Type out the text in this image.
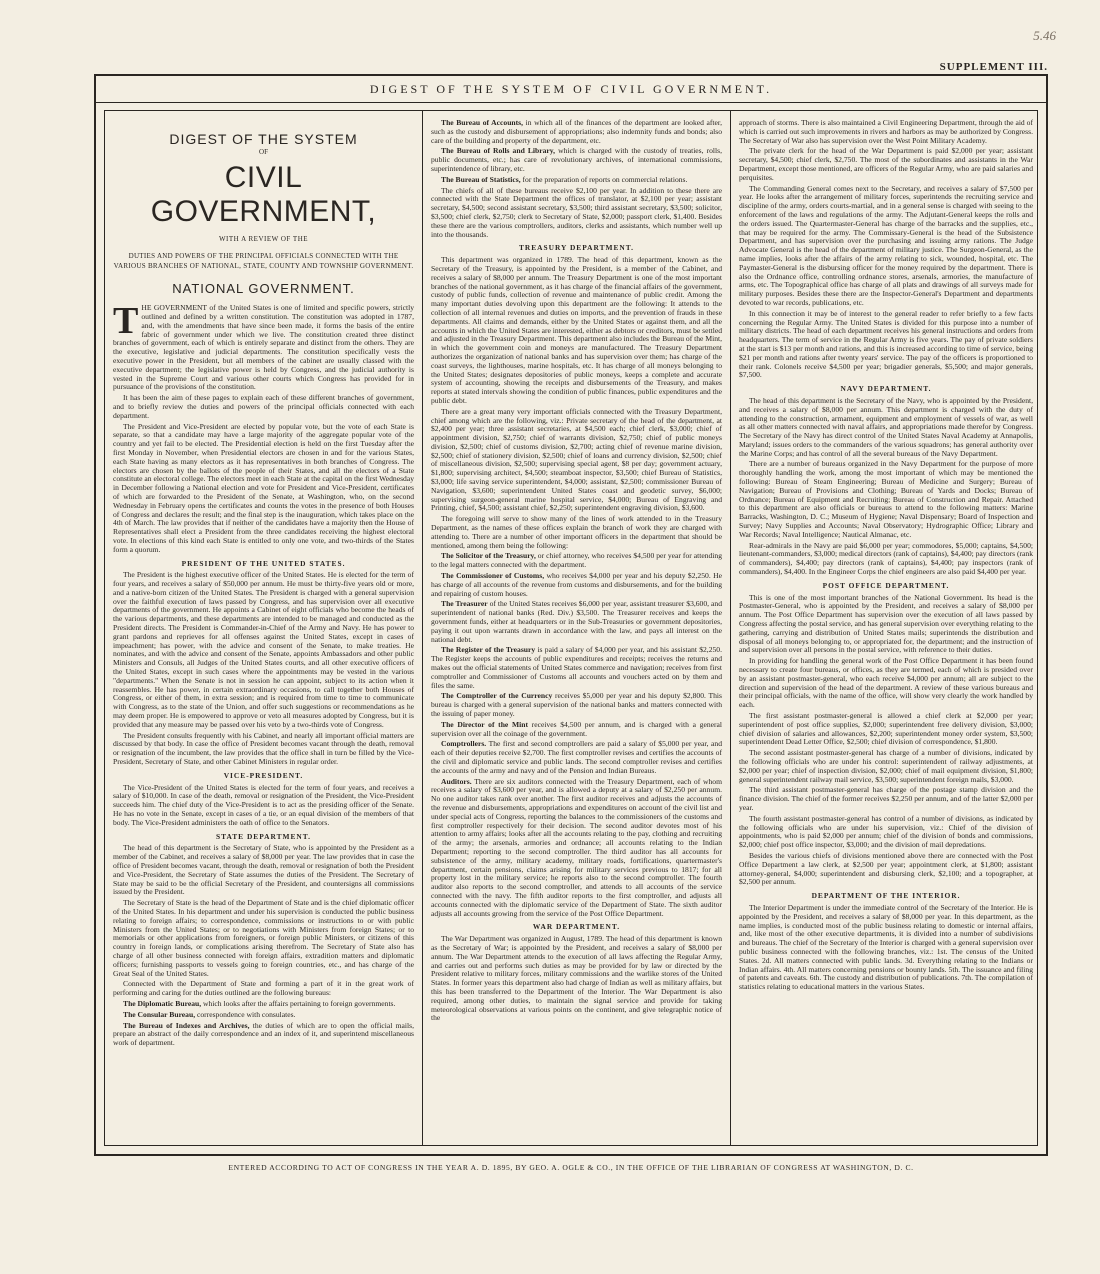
5.46
SUPPLEMENT III.
DIGEST OF THE SYSTEM OF CIVIL GOVERNMENT.
DIGEST OF THE SYSTEM
OF
CIVIL GOVERNMENT,
WITH A REVIEW OF THE
DUTIES AND POWERS OF THE PRINCIPAL OFFICIALS CONNECTED WITH THE VARIOUS BRANCHES OF NATIONAL, STATE, COUNTY AND TOWNSHIP GOVERNMENT.
NATIONAL GOVERNMENT.

THE GOVERNMENT of the United States is one of limited and specific powers, strictly outlined and defined by a written constitution. The constitution was adopted in 1787, and, with the amendments that have since been made, it forms the basis of the entire fabric of government under which we live. The constitution created three distinct branches of government, each of which is entirely separate and distinct from the others. They are the executive, legislative and judicial departments. The constitution specifically vests the executive power in the President, but all members of the cabinet are usually classed with the executive department; the legislative power is held by Congress, and the judicial authority is vested in the Supreme Court and various other courts which Congress has provided for in pursuance of the provisions of the constitution.

It has been the aim of these pages to explain each of these different branches of government, and to briefly review the duties and powers of the principal officials connected with each department.

The President and Vice-President are elected by popular vote, but the vote of each State is separate, so that a candidate may have a large majority of the aggregate popular vote of the country and yet fail to be elected. The Presidential election is held on the first Tuesday after the first Monday in November, when Presidential electors are chosen in and for the various States, each State having as many electors as it has representatives in both branches of Congress. The electors are chosen by the ballots of the people of their States, and all the electors of a State constitute an electoral college. The electors meet in each State at the capital on the first Wednesday in December following a National election and vote for President and Vice-President, certificates of which are forwarded to the President of the Senate, at Washington, who, on the second Wednesday in February opens the certificates and counts the votes in the presence of both Houses of Congress and declares the result; and the final step is the inauguration, which takes place on the 4th of March. The law provides that if neither of the candidates have a majority then the House of Representatives shall elect a President from the three candidates receiving the highest electoral vote. In elections of this kind each State is entitled to only one vote, and two-thirds of the States form a quorum.

PRESIDENT OF THE UNITED STATES.

The President is the highest executive officer of the United States. He is elected for the term of four years, and receives a salary of $50,000 per annum. He must be thirty-five years old or more, and a native-born citizen of the United States. The President is charged with a general supervision over the faithful execution of laws passed by Congress, and has supervision over all executive departments of the government. He appoints a Cabinet of eight officials who become the heads of the various departments, and these departments are intended to be managed and conducted as the President directs. The President is Commander-in-Chief of the Army and Navy. He has power to grant pardons and reprieves for all offenses against the United States, except in cases of impeachment; has power, with the advice and consent of the Senate, to make treaties. He nominates, and with the advice and consent of the Senate, appoints Ambassadors and other public Ministers and Consuls, all Judges of the United States courts, and all other executive officers of the United States, except in such cases where the appointments may be vested in the various "departments." When the Senate is not in session he can appoint, subject to its action when it reassembles. He has power, in certain extraordinary occasions, to call together both Houses of Congress, or either of them, in extra session; and is required from time to time to communicate with Congress, as to the state of the Union, and offer such suggestions or recommendations as he may deem proper. He is empowered to approve or veto all measures adopted by Congress, but it is provided that any measure may be passed over his veto by a two-thirds vote of Congress.

The President consults frequently with his Cabinet, and nearly all important official matters are discussed by that body. In case the office of President becomes vacant through the death, removal or resignation of the incumbent, the law provides that the office shall in turn be filled by the Vice-President, Secretary of State, and other Cabinet Ministers in regular order.

VICE-PRESIDENT.

The Vice-President of the United States is elected for the term of four years, and receives a salary of $10,000. In case of the death, removal or resignation of the President, the Vice-President succeeds him. The chief duty of the Vice-President is to act as the presiding officer of the Senate. He has no vote in the Senate, except in cases of a tie, or an equal division of the members of that body. The Vice-President administers the oath of office to the Senators.

STATE DEPARTMENT.

The head of this department is the Secretary of State, who is appointed by the President as a member of the Cabinet, and receives a salary of $8,000 per year. The law provides that in case the office of President becomes vacant, through the death, removal or resignation of both the President and Vice-President, the Secretary of State assumes the duties of the President. The Secretary of State may be said to be the official Secretary of the President, and countersigns all commissions issued by the President.

The Secretary of State is the head of the Department of State and is the chief diplomatic officer of the United States. In his department and under his supervision is conducted the public business relating to foreign affairs; to correspondence, commissions or instructions to or with public Ministers from the United States; or to negotiations with Ministers from foreign States; or to memorials or other applications from foreigners, or foreign public Ministers, or citizens of this country in foreign lands, or complications arising therefrom. The Secretary of State also has charge of all other business connected with foreign affairs, extradition matters and diplomatic officers; furnishing passports to vessels going to foreign countries, etc., and has charge of the Great Seal of the United States.

Connected with the Department of State and forming a part of it in the great work of performing and caring for the duties outlined are the following bureaus:

The Diplomatic Bureau, which looks after the affairs pertaining to foreign governments.

The Consular Bureau, correspondence with consulates.

The Bureau of Indexes and Archives, the duties of which are to open the official mails, prepare an abstract of the daily correspondence and an index of it, and superintend miscellaneous work of department.

The Bureau of Accounts, in which all of the finances of the department are looked after, such as the custody and disbursement of appropriations; also indemnity funds and bonds; also care of the building and property of the department, etc.

The Bureau of Rolls and Library, which is charged with the custody of treaties, rolls, public documents, etc.; has care of revolutionary archives, of international commissions, superintendence of library, etc.

The Bureau of Statistics, for the preparation of reports on commercial relations.

The chiefs of all of these bureaus receive $2,100 per year. In addition to these there are connected with the State Department the offices of translator, at $2,100 per year; assistant secretary, $4,500; second assistant secretary, $3,500; third assistant secretary, $3,500; solicitor, $3,500; chief clerk, $2,750; clerk to Secretary of State, $2,000; passport clerk, $1,400. Besides these there are the various comptrollers, auditors, clerks and assistants, which number well up into the thousands.

TREASURY DEPARTMENT.

This department was organized in 1789. The head of this department, known as the Secretary of the Treasury, is appointed by the President, is a member of the Cabinet, and receives a salary of $8,000 per annum. The Treasury Department is one of the most important branches of the national government, as it has charge of the financial affairs of the government, custody of public funds, collection of revenue and maintenance of public credit. Among the many important duties devolving upon this department are the following: It attends to the collection of all internal revenues and duties on imports, and the prevention of frauds in these departments. All claims and demands, either by the United States or against them, and all the accounts in which the United States are interested, either as debtors or creditors, must be settled and adjusted in the Treasury Department. This department also includes the Bureau of the Mint, in which the government coin and moneys are manufactured. The Treasury Department authorizes the organization of national banks and has supervision over them; has charge of the coast surveys, the lighthouses, marine hospitals, etc. It has charge of all moneys belonging to the United States; designates depositories of public moneys, keeps a complete and accurate system of accounting, showing the receipts and disbursements of the Treasury, and makes reports at stated intervals showing the condition of public finances, public expenditures and the public debt.

There are a great many very important officials connected with the Treasury Department, chief among which are the following, viz.: Private secretary of the head of the department, at $2,400 per year; three assistant secretaries, at $4,500 each; chief clerk, $3,000; chief of appointment division, $2,750; chief of warrants division, $2,750; chief of public moneys division, $2,500; chief of customs division, $2,700; acting chief of revenue marine division, $2,500; chief of stationery division, $2,500; chief of loans and currency division, $2,500; chief of miscellaneous division, $2,500; supervising special agent, $8 per day; government actuary, $1,800; supervising architect, $4,500; steamboat inspector, $3,500; chief Bureau of Statistics, $3,000; life saving service superintendent, $4,000; assistant, $2,500; commissioner Bureau of Navigation, $3,600; superintendent United States coast and geodetic survey, $6,000; supervising surgeon-general marine hospital service, $4,000; Bureau of Engraving and Printing, chief, $4,500; assistant chief, $2,250; superintendent engraving division, $3,600.

The foregoing will serve to show many of the lines of work attended to in the Treasury Department, as the names of these offices explain the branch of work they are charged with attending to. There are a number of other important officers in the department that should be mentioned, among them being the following:

The Solicitor of the Treasury, or chief attorney, who receives $4,500 per year for attending to the legal matters connected with the department.

The Commissioner of Customs, who receives $4,000 per year and his deputy $2,250. He has charge of all accounts of the revenue from customs and disbursements, and for the building and repairing of custom houses.

The Treasurer of the United States receives $6,000 per year, assistant treasurer $3,600, and superintendent of national banks (Red. Div.) $3,500. The Treasurer receives and keeps the government funds, either at headquarters or in the Sub-Treasuries or government depositories, paying it out upon warrants drawn in accordance with the law, and pays all interest on the national debt.

The Register of the Treasury is paid a salary of $4,000 per year, and his assistant $2,250. The Register keeps the accounts of public expenditures and receipts; receives the returns and makes out the official statements of United States commerce and navigation; receives from first comptroller and Commissioner of Customs all accounts and vouchers acted on by them and files the same.

The Comptroller of the Currency receives $5,000 per year and his deputy $2,800. This bureau is charged with a general supervision of the national banks and matters connected with the issuing of paper money.

The Director of the Mint receives $4,500 per annum, and is charged with a general supervision over all the coinage of the government.

Comptrollers. The first and second comptrollers are paid a salary of $5,000 per year, and each of their deputies receive $2,700. The first comptroller revises and certifies the accounts of the civil and diplomatic service and public lands. The second comptroller revises and certifies the accounts of the army and navy and of the Pension and Indian Bureaus.

Auditors. There are six auditors connected with the Treasury Department, each of whom receives a salary of $3,600 per year, and is allowed a deputy at a salary of $2,250 per annum. No one auditor takes rank over another. The first auditor receives and adjusts the accounts of the revenue and disbursements, appropriations and expenditures on account of the civil list and under special acts of Congress, reporting the balances to the commissioners of the customs and first comptroller respectively for their decision. The second auditor devotes most of his attention to army affairs; looks after all the accounts relating to the pay, clothing and recruiting of the army; the arsenals, armories and ordnance; all accounts relating to the Indian Department; reporting to the second comptroller. The third auditor has all accounts for subsistence of the army, military academy, military roads, fortifications, quartermaster's department, certain pensions, claims arising for military services previous to 1817; for all property lost in the military service; he reports also to the second comptroller. The fourth auditor also reports to the second comptroller, and attends to all accounts of the service connected with the navy. The fifth auditor reports to the first comptroller, and adjusts all accounts connected with the diplomatic service of the Department of State. The sixth auditor adjusts all accounts growing from the service of the Post Office Department.

WAR DEPARTMENT.

The War Department was organized in August, 1789. The head of this department is known as the Secretary of War; is appointed by the President, and receives a salary of $8,000 per annum. The War Department attends to the execution of all laws affecting the Regular Army, and carries out and performs such duties as may be provided for by law or directed by the President relative to military forces, military commissions and the warlike stores of the United States. In former years this department also had charge of Indian as well as military affairs, but this has been transferred to the Department of the Interior. The War Department is also required, among other duties, to maintain the signal service and provide for taking meteorological observations at various points on the continent, and give telegraphic notice of the

approach of storms. There is also maintained a Civil Engineering Department, through the aid of which is carried out such improvements in rivers and harbors as may be authorized by Congress. The Secretary of War also has supervision over the West Point Military Academy.

The private clerk for the head of the War Department is paid $2,000 per year; assistant secretary, $4,500; chief clerk, $2,750. The most of the subordinates and assistants in the War Department, except those mentioned, are officers of the Regular Army, who are paid salaries and perquisites.

The Commanding General comes next to the Secretary, and receives a salary of $7,500 per year. He looks after the arrangement of military forces, superintends the recruiting service and discipline of the army, orders courts-martial, and in a general sense is charged with seeing to the enforcement of the laws and regulations of the army. The Adjutant-General keeps the rolls and the orders issued. The Quartermaster-General has charge of the barracks and the supplies, etc., that may be required for the army. The Commissary-General is the head of the Subsistence Department, and has supervision over the purchasing and issuing army rations. The Judge Advocate General is the head of the department of military justice. The Surgeon-General, as the name implies, looks after the affairs of the army relating to sick, wounded, hospital, etc. The Paymaster-General is the disbursing officer for the money required by the department. There is also the Ordnance office, controlling ordnance stores, arsenals, armories, the manufacture of arms, etc. The Topographical office has charge of all plats and drawings of all surveys made for military purposes. Besides these there are the Inspector-General's Department and departments devoted to war records, publications, etc.

In this connection it may be of interest to the general reader to refer briefly to a few facts concerning the Regular Army. The United States is divided for this purpose into a number of military districts. The head of each department receives his general instructions and orders from headquarters. The term of service in the Regular Army is five years. The pay of private soldiers at the start is $13 per month and rations, and this is increased according to time of service, being $21 per month and rations after twenty years' service. The pay of the officers is proportioned to their rank. Colonels receive $4,500 per year; brigadier generals, $5,500; and major generals, $7,500.

NAVY DEPARTMENT.

The head of this department is the Secretary of the Navy, who is appointed by the President, and receives a salary of $8,000 per annum. This department is charged with the duty of attending to the construction, armament, equipment and employment of vessels of war, as well as all other matters connected with naval affairs, and appropriations made therefor by Congress. The Secretary of the Navy has direct control of the United States Naval Academy at Annapolis, Maryland; issues orders to the commanders of the various squadrons; has general authority over the Marine Corps; and has control of all the several bureaus of the Navy Department.

There are a number of bureaus organized in the Navy Department for the purpose of more thoroughly handling the work, among the most important of which may be mentioned the following: Bureau of Steam Engineering; Bureau of Medicine and Surgery; Bureau of Navigation; Bureau of Provisions and Clothing; Bureau of Yards and Docks; Bureau of Ordnance; Bureau of Equipment and Recruiting; Bureau of Construction and Repair. Attached to this department are also officials or bureaus to attend to the following matters: Marine Barracks, Washington, D. C.; Museum of Hygiene; Naval Dispensary; Board of Inspection and Survey; Navy Supplies and Accounts; Naval Observatory; Hydrographic Office; Library and War Records; Naval Intelligence; Nautical Almanac, etc.

Rear-admirals in the Navy are paid $6,000 per year; commodores, $5,000; captains, $4,500; lieutenant-commanders, $3,000; medical directors (rank of captains), $4,400; pay directors (rank of commanders), $4,400; pay directors (rank of captains), $4,400; pay inspectors (rank of commanders), $4,400. In the Engineer Corps the chief engineers are also paid $4,400 per year.

POST OFFICE DEPARTMENT.

This is one of the most important branches of the National Government. Its head is the Postmaster-General, who is appointed by the President, and receives a salary of $8,000 per annum. The Post Office Department has supervision over the execution of all laws passed by Congress affecting the postal service, and has general supervision over everything relating to the gathering, carrying and distribution of United States mails; superintends the distribution and disposal of all moneys belonging to, or appropriated for, the department; and the instruction of and supervision over all persons in the postal service, with reference to their duties.

In providing for handling the general work of the Post Office Department it has been found necessary to create four bureaus, or offices, as they are termed, each of which is presided over by an assistant postmaster-general, who each receive $4,000 per annum; all are subject to the direction and supervision of the head of the department. A review of these various bureaus and their principal officials, with the name of the office, will show very clearly the work handled by each.

The first assistant postmaster-general is allowed a chief clerk at $2,000 per year; superintendent of post office supplies, $2,000; superintendent free delivery division, $3,000; chief division of salaries and allowances, $2,200; superintendent money order system, $3,500; superintendent Dead Letter Office, $2,500; chief division of correspondence, $1,800.

The second assistant postmaster-general has charge of a number of divisions, indicated by the following officials who are under his control: superintendent of railway adjustments, at $2,000 per year; chief of inspection division, $2,000; chief of mail equipment division, $1,800; general superintendent railway mail service, $3,500; superintendent foreign mails, $3,000.

The third assistant postmaster-general has charge of the postage stamp division and the finance division. The chief of the former receives $2,250 per annum, and of the latter $2,000 per year.

The fourth assistant postmaster-general has control of a number of divisions, as indicated by the following officials who are under his supervision, viz.: Chief of the division of appointments, who is paid $2,000 per annum; chief of the division of bonds and commissions, $2,000; chief post office inspector, $3,000; and the division of mail depredations.

Besides the various chiefs of divisions mentioned above there are connected with the Post Office Department a law clerk, at $2,500 per year; appointment clerk, at $1,800; assistant attorney-general, $4,000; superintendent and disbursing clerk, $2,100; and a topographer, at $2,500 per annum.

DEPARTMENT OF THE INTERIOR.

The Interior Department is under the immediate control of the Secretary of the Interior. He is appointed by the President, and receives a salary of $8,000 per year. In this department, as the name implies, is conducted most of the public business relating to domestic or internal affairs, and, like most of the other executive departments, it is divided into a number of subdivisions and bureaus. The chief of the Secretary of the Interior is charged with a general supervision over public business connected with the following branches, viz.: 1st. The census of the United States. 2d. All matters connected with public lands. 3d. Everything relating to the Indians or Indian affairs. 4th. All matters concerning pensions or bounty lands. 5th. The issuance and filing of patents and caveats. 6th. The custody and distribution of publications. 7th. The compilation of statistics relating to educational matters in the various States.

ENTERED ACCORDING TO ACT OF CONGRESS IN THE YEAR A. D. 1895, BY GEO. A. OGLE & CO., IN THE OFFICE OF THE LIBRARIAN OF CONGRESS AT WASHINGTON, D. C.
